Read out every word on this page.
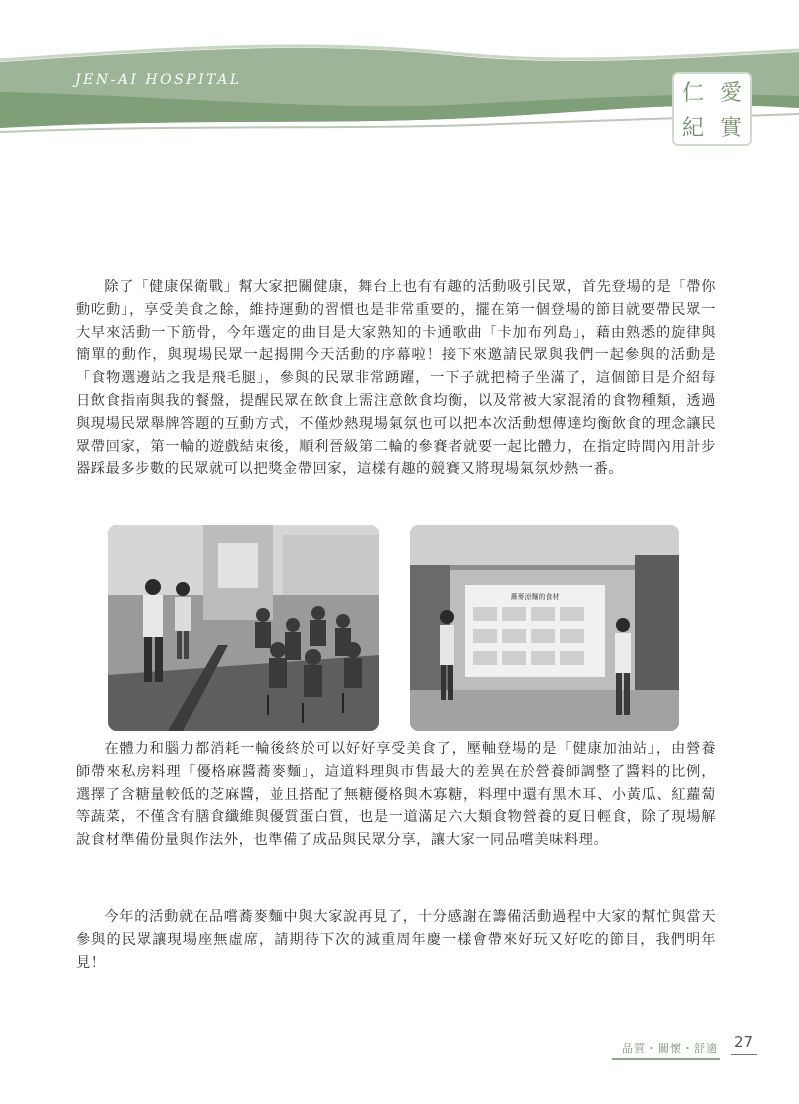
JEN-AI HOSPITAL
仁 愛
紀 實

除了「健康保衛戰」幫大家把關健康，舞台上也有有趣的活動吸引民眾，首先登場的是「帶你動吃動」，享受美食之餘，維持運動的習慣也是非常重要的，擺在第一個登場的節目就要帶民眾一大早來活動一下筋骨，今年選定的曲目是大家熟知的卡通歌曲「卡加布列島」，藉由熟悉的旋律與簡單的動作，與現場民眾一起揭開今天活動的序幕啦！接下來邀請民眾與我們一起參與的活動是「食物選邊站之我是飛毛腿」，參與的民眾非常踴躍，一下子就把椅子坐滿了，這個節目是介紹每日飲食指南與我的餐盤，提醒民眾在飲食上需注意飲食均衡，以及常被大家混淆的食物種類，透過與現場民眾舉牌答題的互動方式，不僅炒熱現場氣氛也可以把本次活動想傳達均衡飲食的理念讓民眾帶回家，第一輪的遊戲結束後，順利晉級第二輪的參賽者就要一起比體力，在指定時間內用計步器踩最多步數的民眾就可以把獎金帶回家，這樣有趣的競賽又將現場氣氛炒熱一番。

蕎麥涼麵的食材

在體力和腦力都消耗一輪後終於可以好好享受美食了，壓軸登場的是「健康加油站」，由營養師帶來私房料理「優格麻醬蕎麥麵」，這道料理與市售最大的差異在於營養師調整了醬料的比例，選擇了含糖量較低的芝麻醬，並且搭配了無糖優格與木寡糖，料理中還有黑木耳、小黃瓜、紅蘿蔔等蔬菜，不僅含有膳食纖維與優質蛋白質，也是一道滿足六大類食物營養的夏日輕食，除了現場解說食材準備份量與作法外，也準備了成品與民眾分享，讓大家一同品嚐美味料理。

今年的活動就在品嚐蕎麥麵中與大家說再見了，十分感謝在籌備活動過程中大家的幫忙與當天參與的民眾讓現場座無虛席，請期待下次的減重周年慶一樣會帶來好玩又好吃的節目，我們明年見！

品質・關懷・舒適 27
